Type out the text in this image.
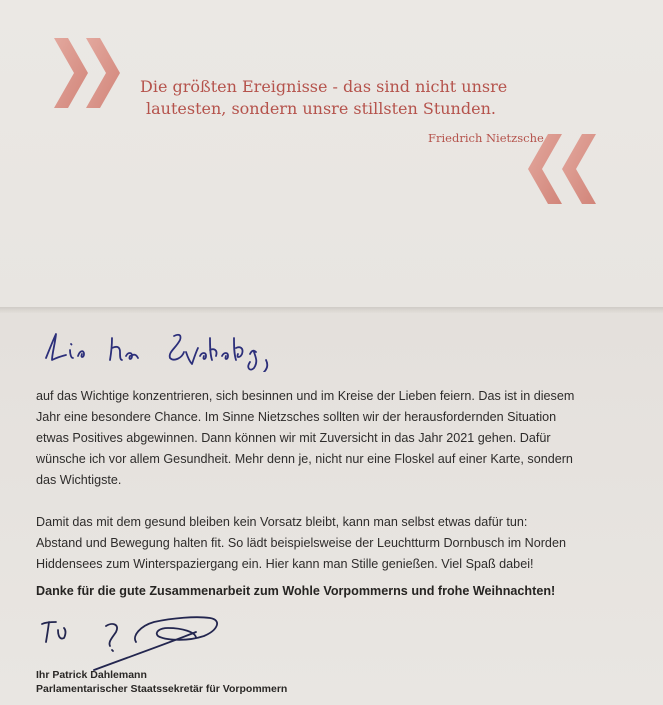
Die größten Ereignisse - das sind nicht unsre
lautesten, sondern unsre stillsten Stunden.
Friedrich Nietzsche
auf das Wichtige konzentrieren, sich besinnen und im Kreise der Lieben feiern. Das ist in diesem
Jahr eine besondere Chance. Im Sinne Nietzsches sollten wir der herausfordernden Situation
etwas Positives abgewinnen. Dann können wir mit Zuversicht in das Jahr 2021 gehen. Dafür
wünsche ich vor allem Gesundheit. Mehr denn je, nicht nur eine Floskel auf einer Karte, sondern
das Wichtigste.
Damit das mit dem gesund bleiben kein Vorsatz bleibt, kann man selbst etwas dafür tun:
Abstand und Bewegung halten fit. So lädt beispielsweise der Leuchtturm Dornbusch im Norden
Hiddensees zum Winterspaziergang ein. Hier kann man Stille genießen. Viel Spaß dabei!
Danke für die gute Zusammenarbeit zum Wohle Vorpommerns und frohe Weihnachten!
Ihr Patrick Dahlemann
Parlamentarischer Staatssekretär für Vorpommern
